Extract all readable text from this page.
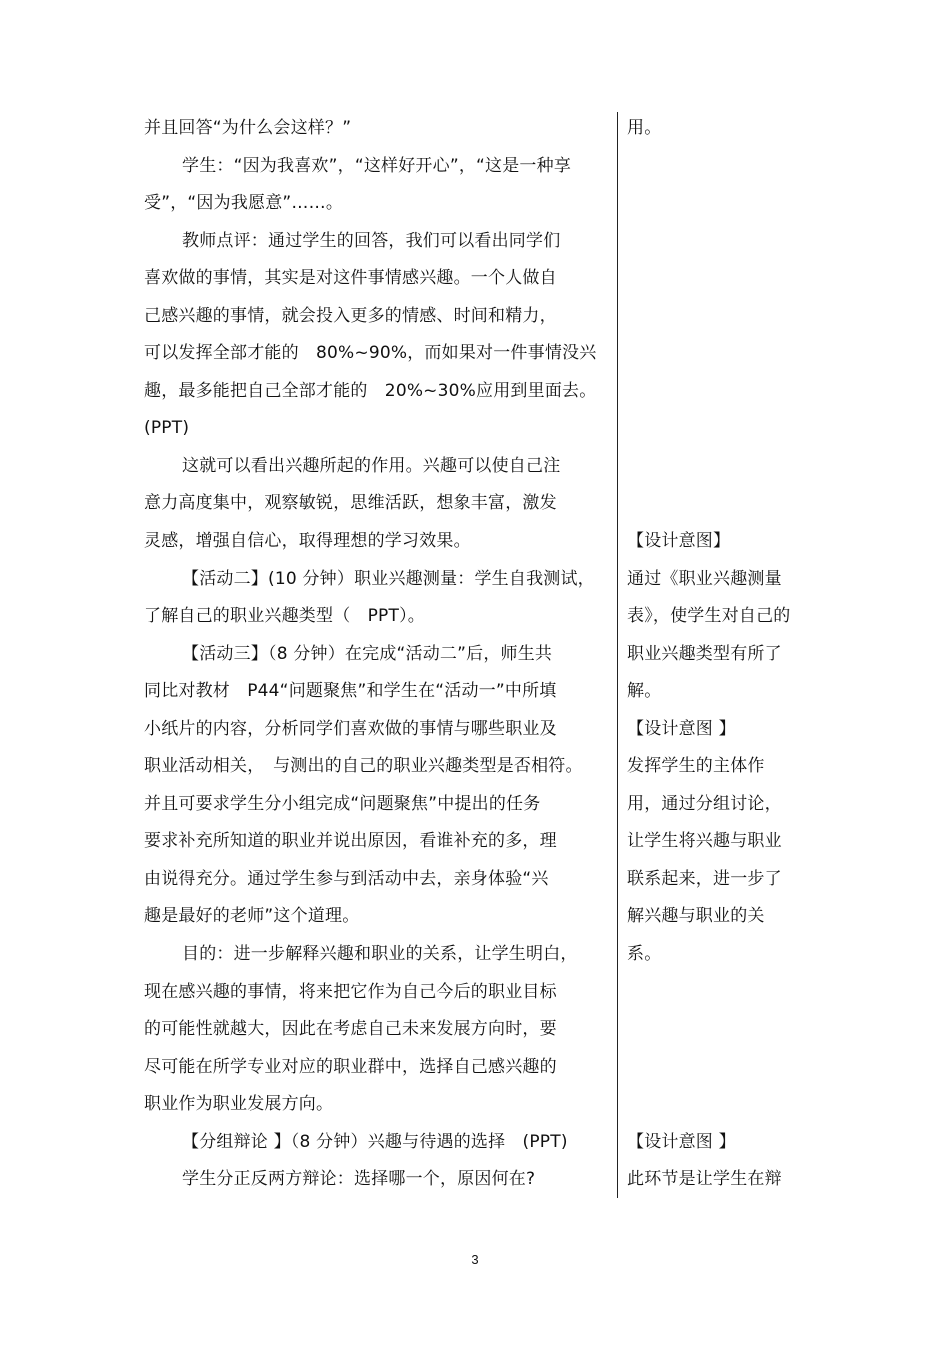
并且回答“为什么会这样？”
学生：“因为我喜欢”，“这样好开心”，“这是一种享
受”，“因为我愿意”……。
教师点评：通过学生的回答，我们可以看出同学们
喜欢做的事情，其实是对这件事情感兴趣。一个人做自
己感兴趣的事情，就会投入更多的情感、时间和精力，
可以发挥全部才能的　80%~90%，而如果对一件事情没兴
趣，最多能把自己全部才能的　20%~30%应用到里面去。
(PPT)
这就可以看出兴趣所起的作用。兴趣可以使自己注
意力高度集中，观察敏锐，思维活跃，想象丰富，激发
灵感，增强自信心，取得理想的学习效果。
【活动二】(10 分钟）职业兴趣测量：学生自我测试，
了解自己的职业兴趣类型（　PPT）。
【活动三】（8 分钟）在完成“活动二”后，师生共
同比对教材　P44“问题聚焦”和学生在“活动一”中所填
小纸片的内容，分析同学们喜欢做的事情与哪些职业及
职业活动相关，　与测出的自己的职业兴趣类型是否相符。
并且可要求学生分小组完成“问题聚焦”中提出的任务
要求补充所知道的职业并说出原因，看谁补充的多，理
由说得充分。通过学生参与到活动中去，亲身体验“兴
趣是最好的老师”这个道理。
目的：进一步解释兴趣和职业的关系，让学生明白，
现在感兴趣的事情，将来把它作为自己今后的职业目标
的可能性就越大，因此在考虑自己未来发展方向时，要
尽可能在所学专业对应的职业群中，选择自己感兴趣的
职业作为职业发展方向。
【分组辩论 】（8 分钟）兴趣与待遇的选择　(PPT)
学生分正反两方辩论：选择哪一个，原因何在?
用。
【设计意图】
通过《职业兴趣测量
表》，使学生对自己的
职业兴趣类型有所了
解。
【设计意图 】
发挥学生的主体作
用，通过分组讨论，
让学生将兴趣与职业
联系起来，进一步了
解兴趣与职业的关
系。
【设计意图 】
此环节是让学生在辩
3
